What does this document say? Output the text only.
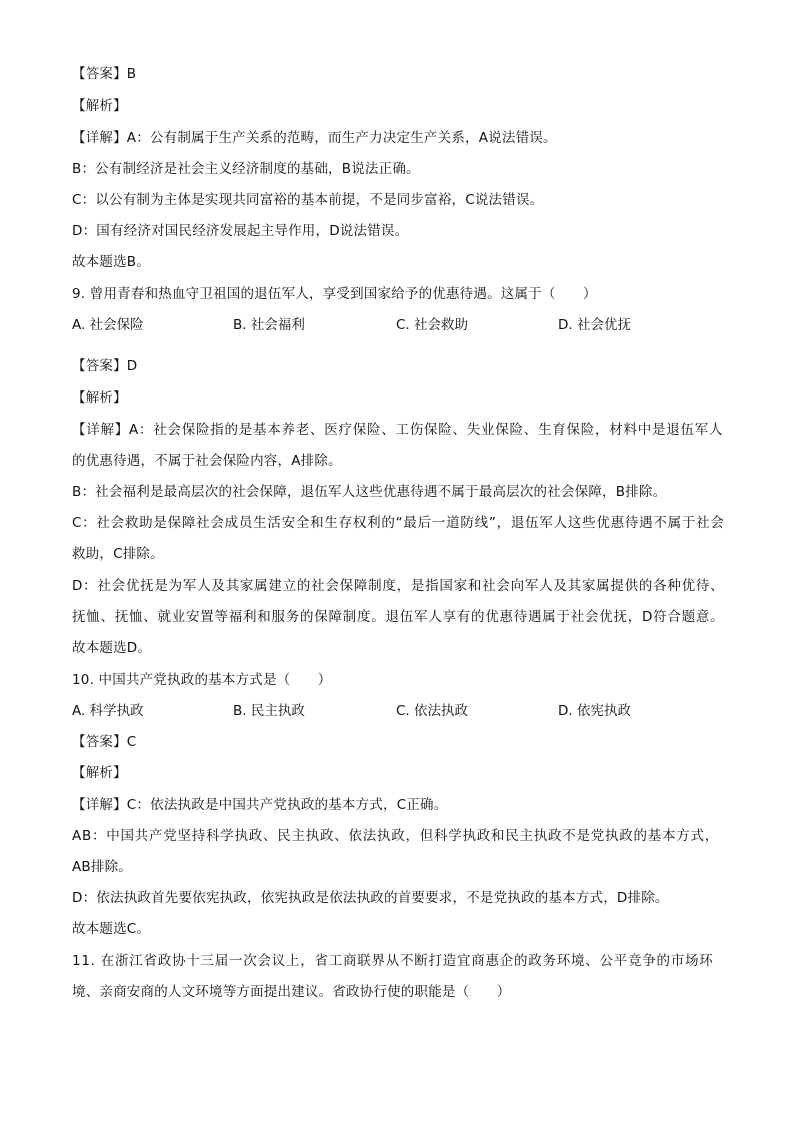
【答案】B
【解析】
【详解】A：公有制属于生产关系的范畴，而生产力决定生产关系，A说法错误。
B：公有制经济是社会主义经济制度的基础，B说法正确。
C：以公有制为主体是实现共同富裕的基本前提，不是同步富裕，C说法错误。
D：国有经济对国民经济发展起主导作用，D说法错误。
故本题选B。
9. 曾用青春和热血守卫祖国的退伍军人，享受到国家给予的优惠待遇。这属于（　　）
A. 社会保险	B. 社会福利	C. 社会救助	D. 社会优抚
【答案】D
【解析】
【详解】A：社会保险指的是基本养老、医疗保险、工伤保险、失业保险、生育保险，材料中是退伍军人
的优惠待遇，不属于社会保险内容，A排除。
B：社会福利是最高层次的社会保障，退伍军人这些优惠待遇不属于最高层次的社会保障，B排除。
C：社会救助是保障社会成员生活安全和生存权利的“最后一道防线”，退伍军人这些优惠待遇不属于社会
救助，C排除。
D：社会优抚是为军人及其家属建立的社会保障制度，是指国家和社会向军人及其家属提供的各种优待、
抚恤、抚恤、就业安置等福利和服务的保障制度。退伍军人享有的优惠待遇属于社会优抚，D符合题意。
故本题选D。
10. 中国共产党执政的基本方式是（　　）
A. 科学执政	B. 民主执政	C. 依法执政	D. 依宪执政
【答案】C
【解析】
【详解】C：依法执政是中国共产党执政的基本方式，C正确。
AB：中国共产党坚持科学执政、民主执政、依法执政，但科学执政和民主执政不是党执政的基本方式，
AB排除。
D：依法执政首先要依宪执政，依宪执政是依法执政的首要要求，不是党执政的基本方式，D排除。
故本题选C。
11. 在浙江省政协十三届一次会议上，省工商联界从不断打造宜商惠企的政务环境、公平竞争的市场环
境、亲商安商的人文环境等方面提出建议。省政协行使的职能是（　　）
